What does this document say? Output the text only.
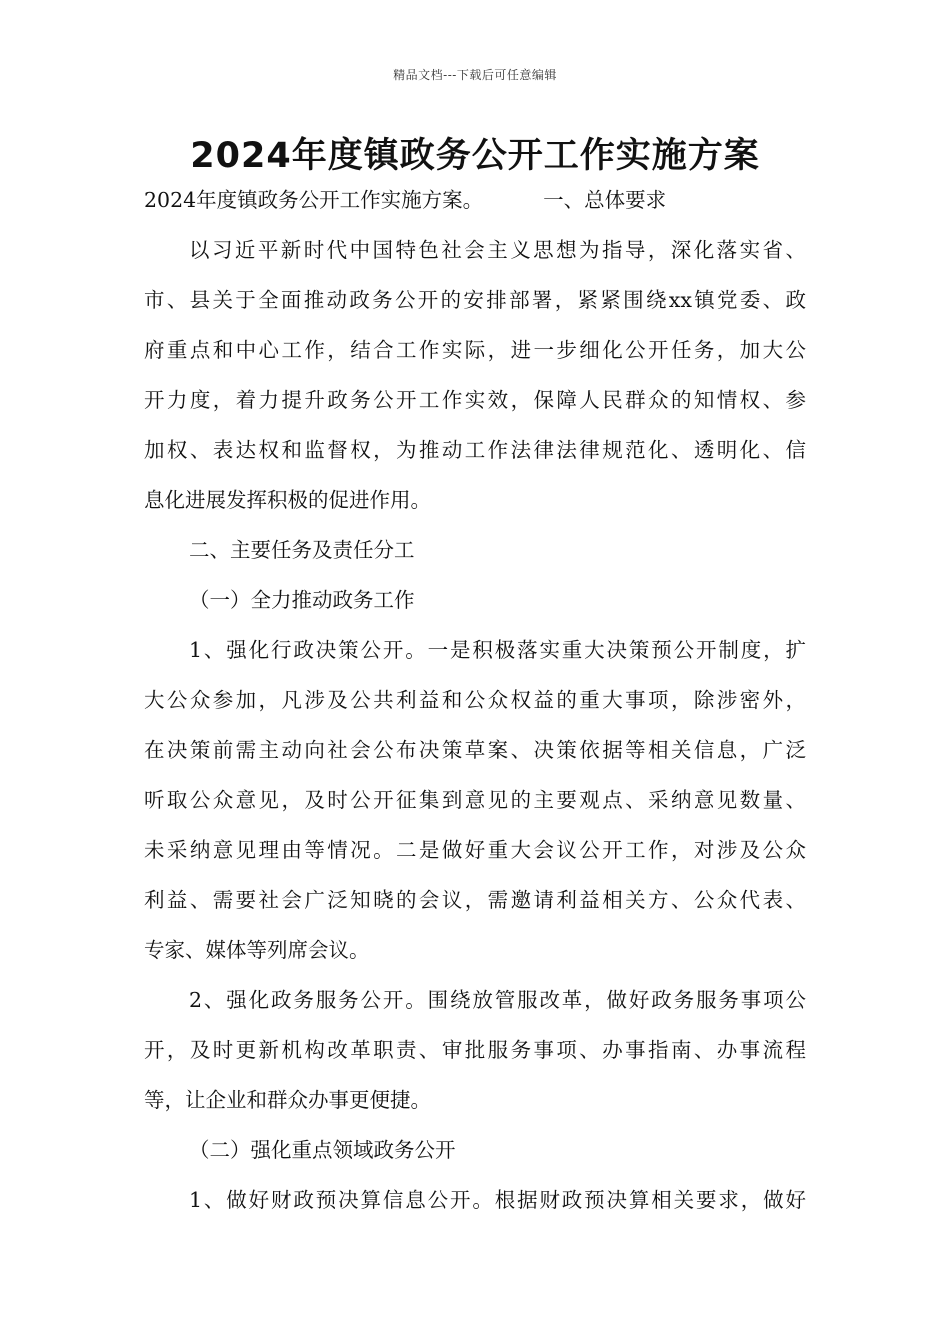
精品文档---下载后可任意编辑
2024年度镇政务公开工作实施方案
2024年度镇政务公开工作实施方案。	一、总体要求
以习近平新时代中国特色社会主义思想为指导，深化落实省、
市、县关于全面推动政务公开的安排部署，紧紧围绕xx镇党委、政
府重点和中心工作，结合工作实际，进一步细化公开任务，加大公
开力度，着力提升政务公开工作实效，保障人民群众的知情权、参
加权、表达权和监督权，为推动工作法律法律规范化、透明化、信
息化进展发挥积极的促进作用。
二、主要任务及责任分工
（一）全力推动政务工作
1、强化行政决策公开。一是积极落实重大决策预公开制度，扩
大公众参加，凡涉及公共利益和公众权益的重大事项，除涉密外，
在决策前需主动向社会公布决策草案、决策依据等相关信息，广泛
听取公众意见，及时公开征集到意见的主要观点、采纳意见数量、
未采纳意见理由等情况。二是做好重大会议公开工作，对涉及公众
利益、需要社会广泛知晓的会议，需邀请利益相关方、公众代表、
专家、媒体等列席会议。
2、强化政务服务公开。围绕放管服改革，做好政务服务事项公
开，及时更新机构改革职责、审批服务事项、办事指南、办事流程
等，让企业和群众办事更便捷。
（二）强化重点领域政务公开
1、做好财政预决算信息公开。根据财政预决算相关要求，做好
